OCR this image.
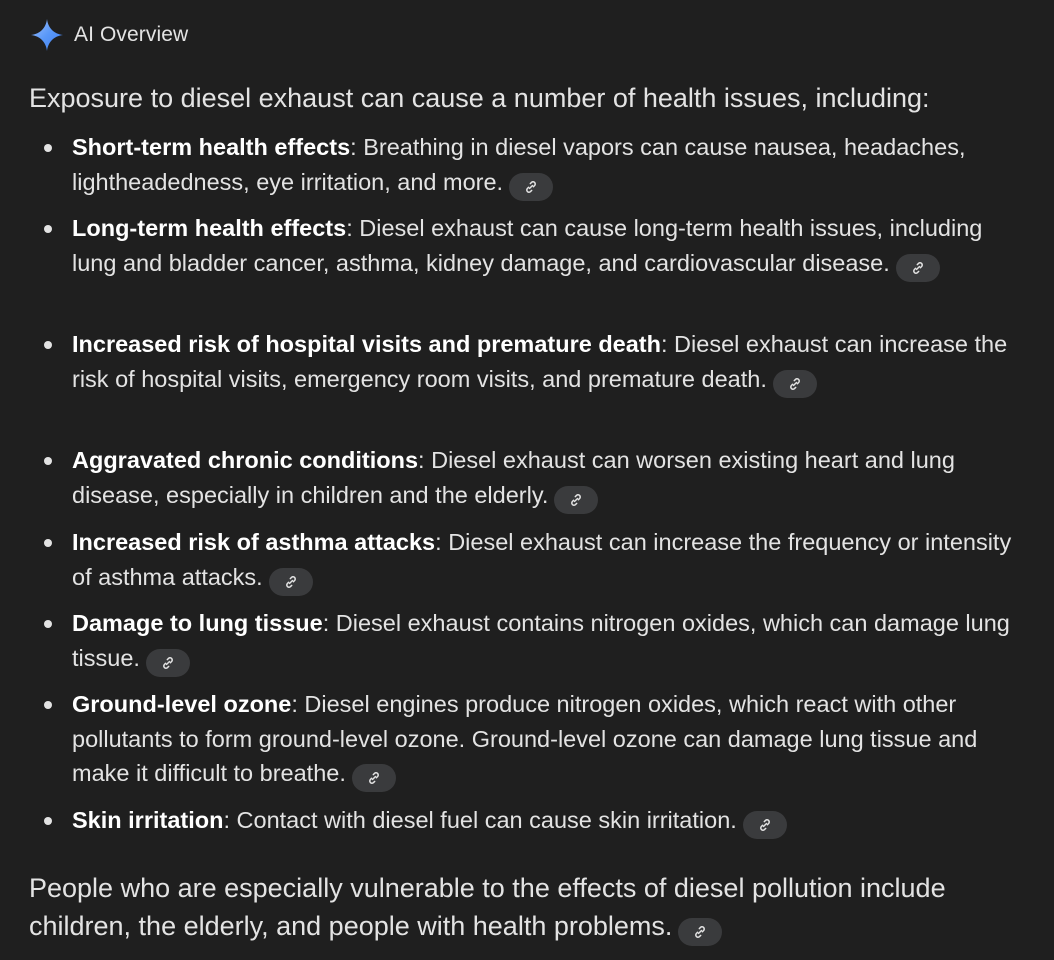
AI Overview
Exposure to diesel exhaust can cause a number of health issues, including:
Short-term health effects: Breathing in diesel vapors can cause nausea, headaches, lightheadedness, eye irritation, and more.
Long-term health effects: Diesel exhaust can cause long-term health issues, including lung and bladder cancer, asthma, kidney damage, and cardiovascular disease.
Increased risk of hospital visits and premature death: Diesel exhaust can increase the risk of hospital visits, emergency room visits, and premature death.
Aggravated chronic conditions: Diesel exhaust can worsen existing heart and lung disease, especially in children and the elderly.
Increased risk of asthma attacks: Diesel exhaust can increase the frequency or intensity of asthma attacks.
Damage to lung tissue: Diesel exhaust contains nitrogen oxides, which can damage lung tissue.
Ground-level ozone: Diesel engines produce nitrogen oxides, which react with other pollutants to form ground-level ozone. Ground-level ozone can damage lung tissue and make it difficult to breathe.
Skin irritation: Contact with diesel fuel can cause skin irritation.
People who are especially vulnerable to the effects of diesel pollution include children, the elderly, and people with health problems.
